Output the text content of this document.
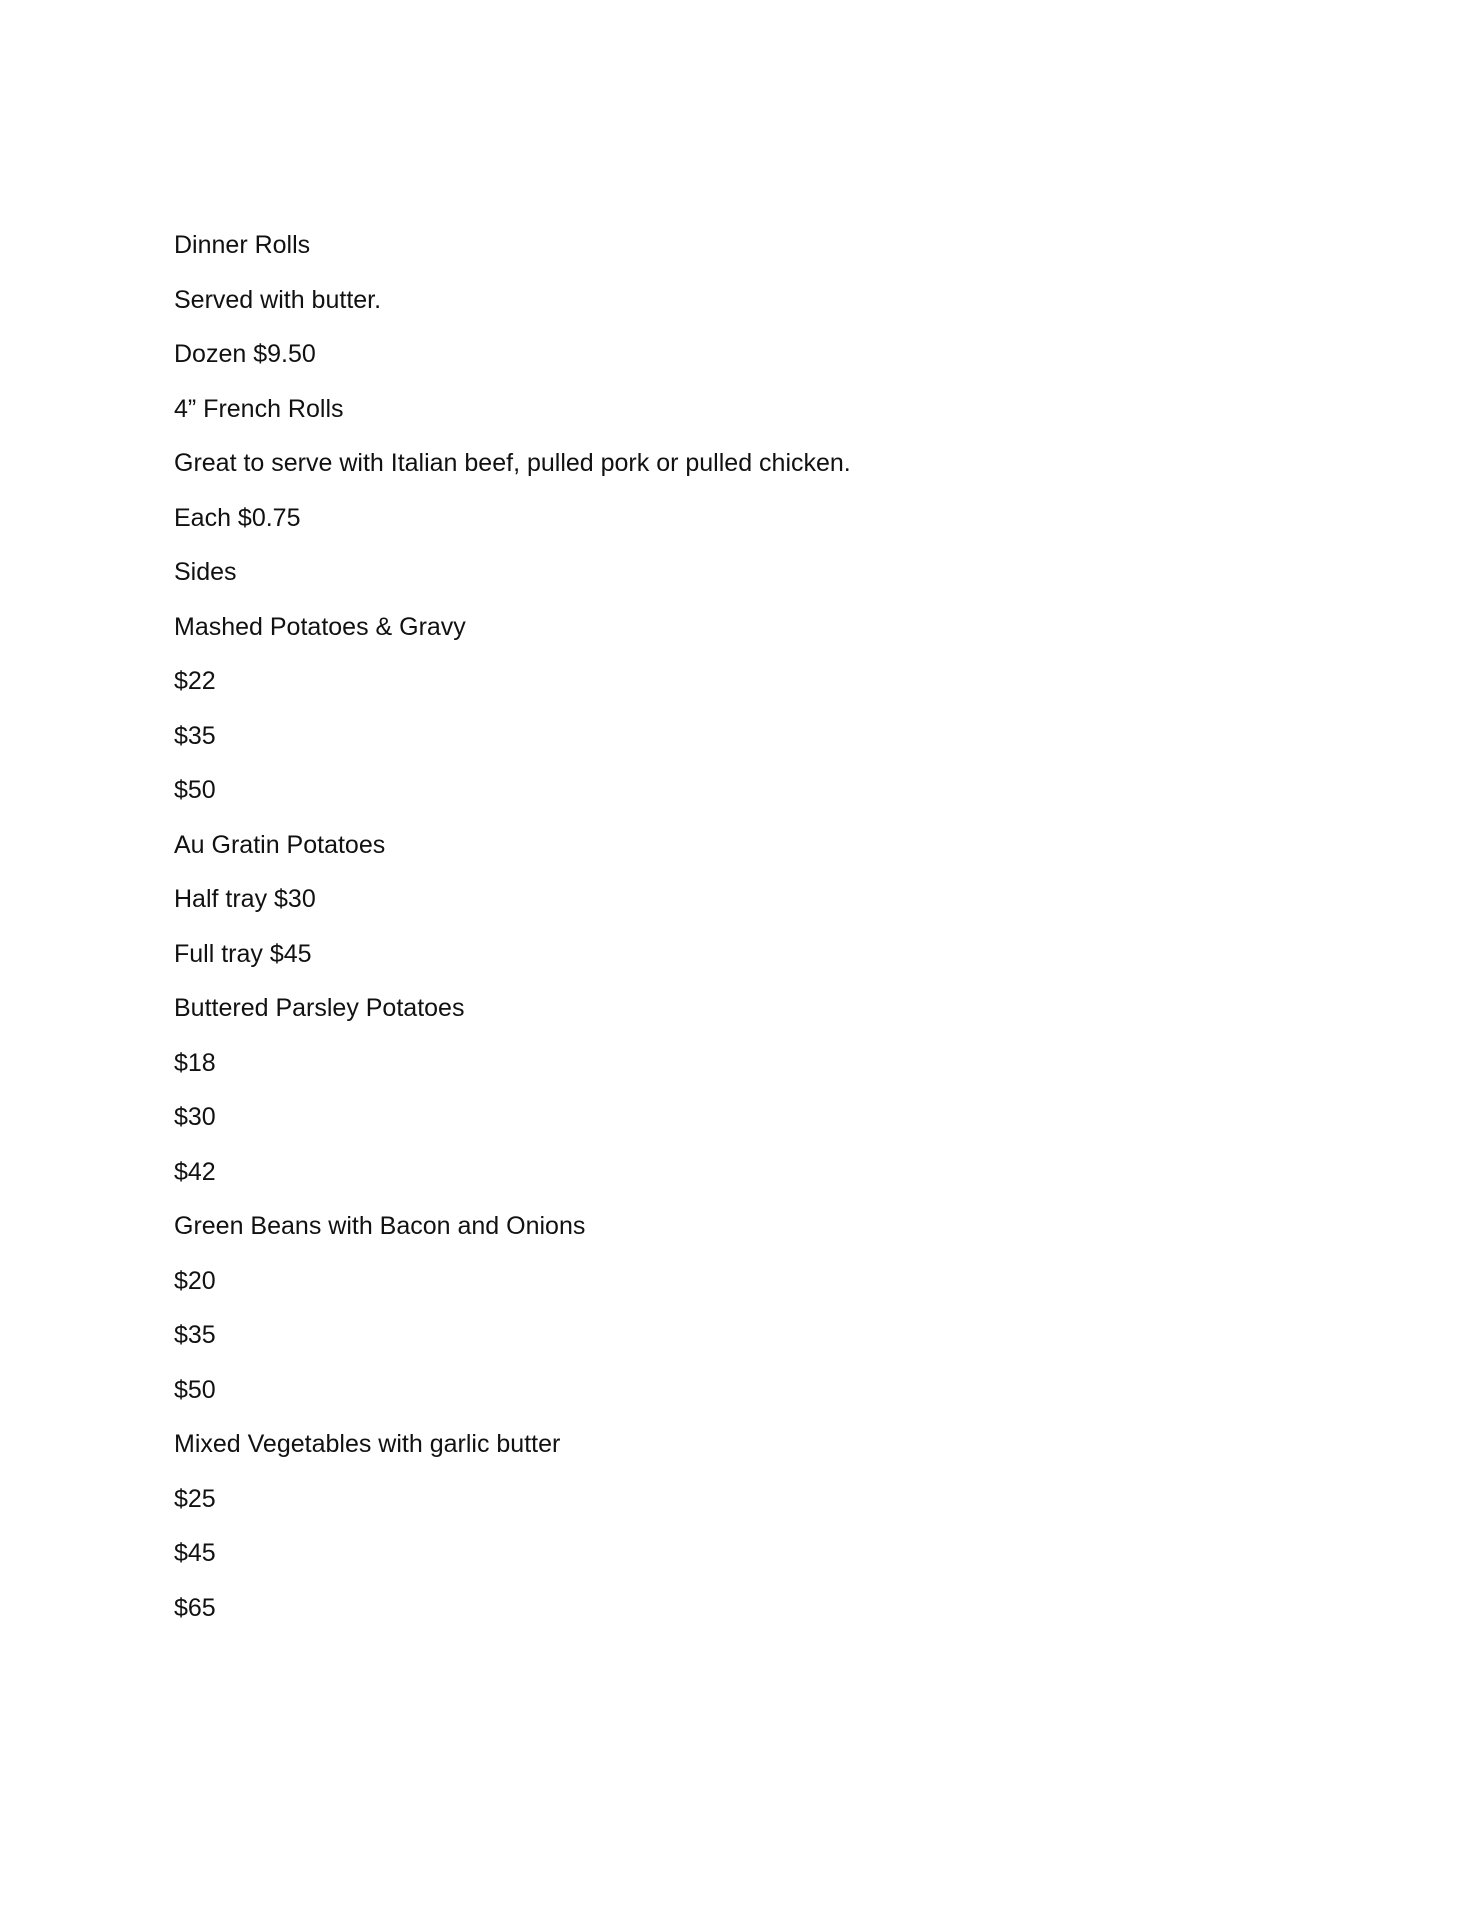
Dinner Rolls
Served with butter.
Dozen $9.50
4” French Rolls
Great to serve with Italian beef, pulled pork or pulled chicken.
Each $0.75
Sides
Mashed Potatoes & Gravy
$22
$35
$50
Au Gratin Potatoes
Half tray $30
Full tray $45
Buttered Parsley Potatoes
$18
$30
$42
Green Beans with Bacon and Onions
$20
$35
$50
Mixed Vegetables with garlic butter
$25
$45
$65
